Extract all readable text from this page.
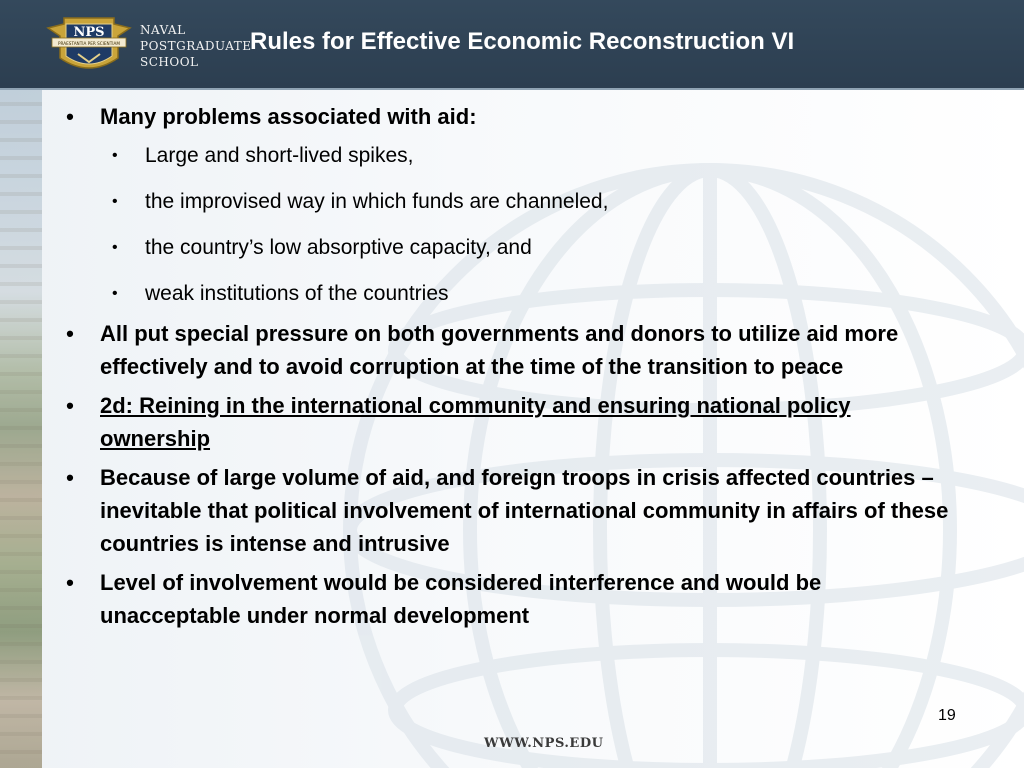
NPS
PRAESTANTIA PER SCIENTIAM
NAVAL
POSTGRADUATE
SCHOOL
Rules for Effective Economic Reconstruction VI
• Many problems associated with aid:
• Large and short-lived spikes,
• the improvised way in which funds are channeled,
• the country’s low absorptive capacity, and
• weak institutions of the countries
• All put special pressure on both governments and donors to utilize aid more effectively and to avoid corruption at the time of the transition to peace
• 2d: Reining in the international community and ensuring national policy ownership
• Because of large volume of aid, and foreign troops in crisis affected countries – inevitable that political involvement of international community in affairs of these countries is intense and intrusive
• Level of involvement would be considered interference and would be unacceptable under normal development
19
WWW.NPS.EDU
